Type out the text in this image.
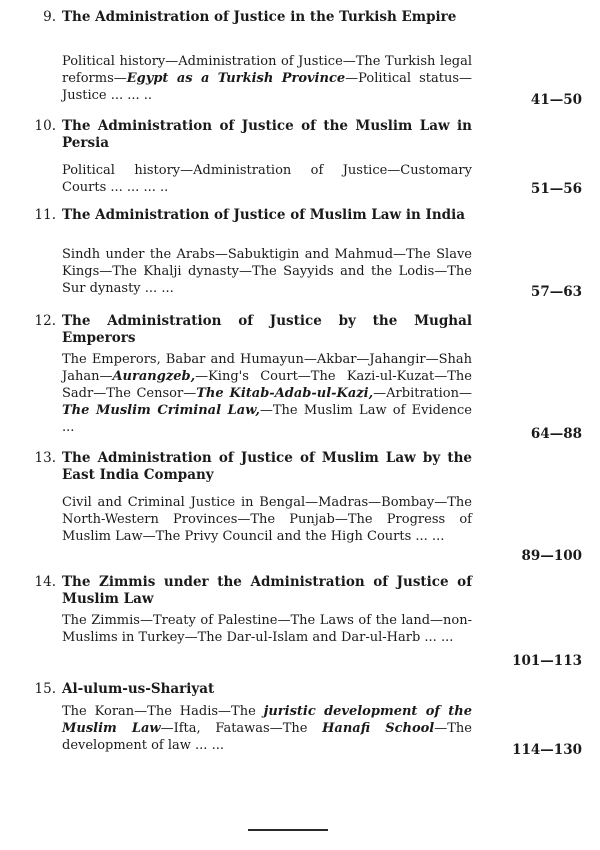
9. The Administration of Justice in the Turkish Empire
Political history—Administration of Justice—The Turkish legal reforms—Egypt as a Turkish Province—Political status—Justice ... ... ..	41—50
10. The Administration of Justice of the Muslim Law in Persia
Political history—Administration of Justice—Customary Courts ... ... ... ..	51—56
11. The Administration of Justice of Muslim Law in India
Sindh under the Arabs—Sabuktigin and Mahmud—The Slave Kings—The Khalji dynasty—The Sayyids and the Lodis—The Sur dynasty ... ...	57—63
12. The Administration of Justice by the Mughal Emperors
The Emperors, Babar and Humayun—Akbar—Jahangir—Shah Jahan—Aurangzeb,—King's Court—The Kazi-ul-Kuzat—The Sadr—The Censor—The Kitab-Adab-ul-Kazi,—Arbitration—The Muslim Criminal Law,—The Muslim Law of Evidence ...	64—88
13. The Administration of Justice of Muslim Law by the East India Company
Civil and Criminal Justice in Bengal—Madras—Bombay—The North-Western Provinces—The Punjab—The Progress of Muslim Law—The Privy Council and the High Courts ... ...
89—100
14. The Zimmis under the Administration of Justice of Muslim Law
The Zimmis—Treaty of Palestine—The Laws of the land—non-Muslims in Turkey—The Dar-ul-Islam and Dar-ul-Harb ... ...
101—113
15. Al-ulum-us-Shariyat
The Koran—The Hadis—The juristic development of the Muslim Law—Ifta, Fatawas—The Hanafi School—The development of law ... ...	114—130
